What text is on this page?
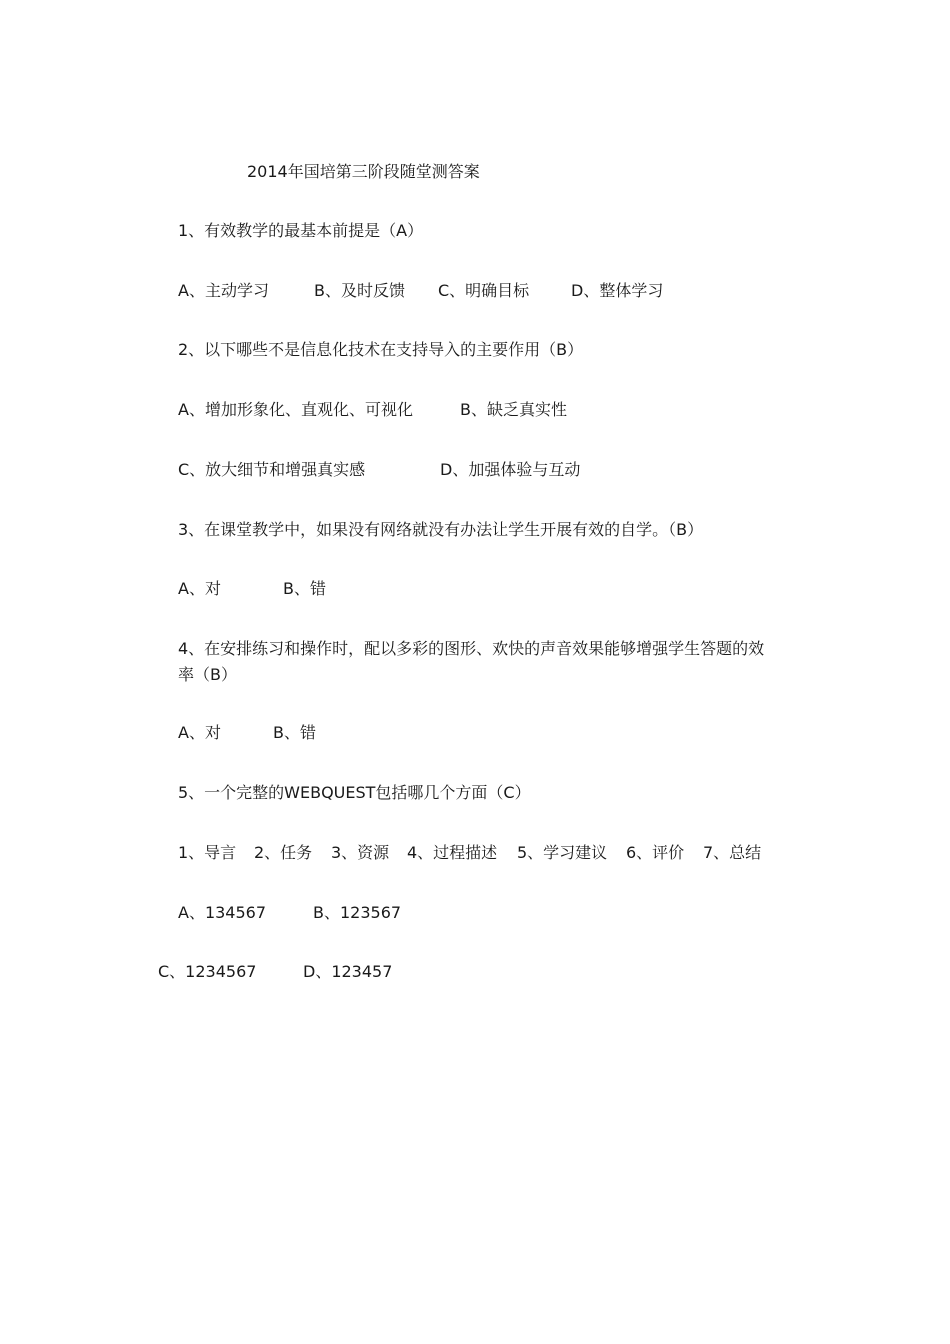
2014年国培第三阶段随堂测答案
1、有效教学的最基本前提是（A）
A、主动学习	B、及时反馈 C、明确目标	D、整体学习
2、以下哪些不是信息化技术在支持导入的主要作用（B）
A、增加形象化、直观化、可视化	B、缺乏真实性
C、放大细节和增强真实感	D、加强体验与互动
3、在课堂教学中，如果没有网络就没有办法让学生开展有效的自学。（B）
A、对	B、错
4、在安排练习和操作时，配以多彩的图形、欢快的声音效果能够增强学生答题的效率（B）
A、对	B、错
5、一个完整的WEBQUEST包括哪几个方面（C）
1、导言 2、任务 3、资源 4、过程描述 5、学习建议 6、评价 7、总结
A、134567	B、123567
C、1234567	D、123457
